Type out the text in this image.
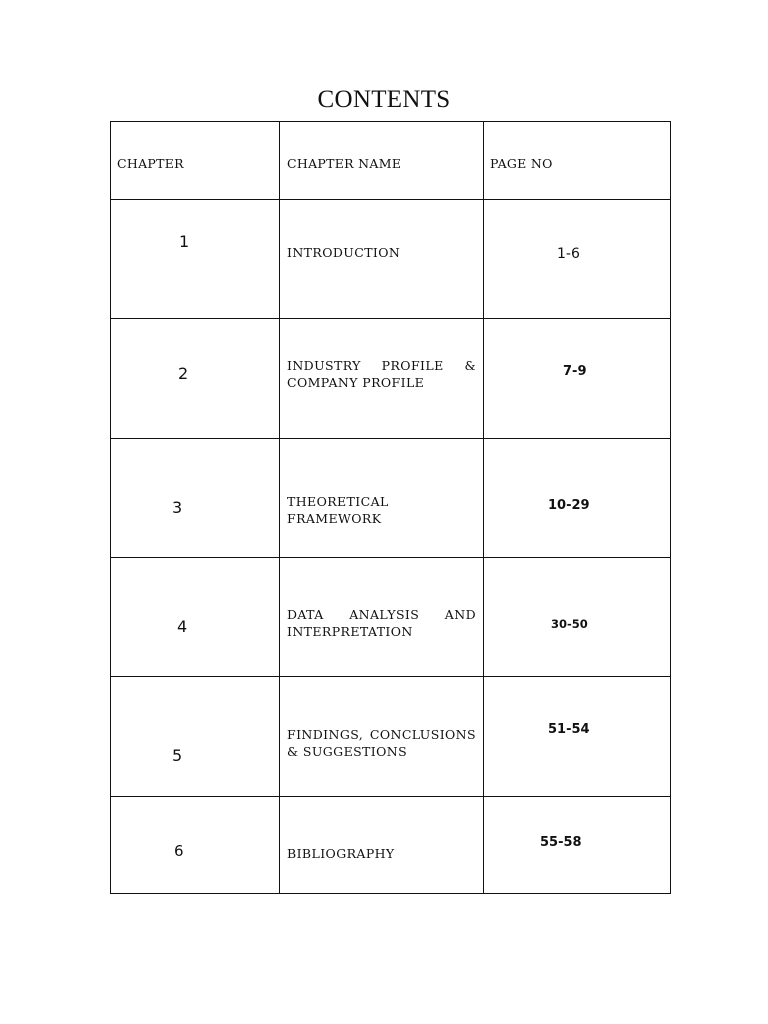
CONTENTS
CHAPTER	CHAPTER NAME	PAGE NO

1	INTRODUCTION	1-6

2	INDUSTRY PROFILE & COMPANY PROFILE	7-9

3	THEORETICAL FRAMEWORK	10-29

4	DATA ANALYSIS AND INTERPRETATION	30-50

5	FINDINGS, CONCLUSIONS & SUGGESTIONS	51-54

6	BIBLIOGRAPHY	55-58
